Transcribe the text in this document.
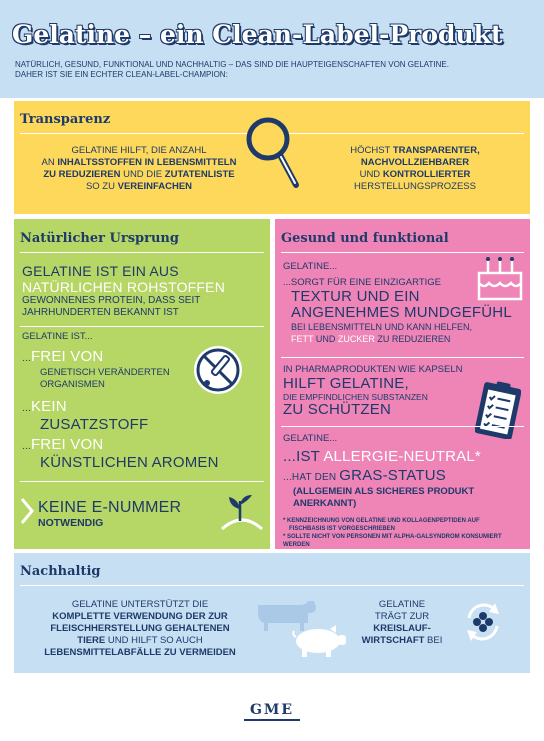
Gelatine – ein Clean-Label-Produkt
NATÜRLICH, GESUND, FUNKTIONAL UND NACHHALTIG – DAS SIND DIE HAUPTEIGENSCHAFTEN VON GELATINE.
DAHER IST SIE EIN ECHTER CLEAN-LABEL-CHAMPION:
Transparenz
GELATINE HILFT, DIE ANZAHL
AN INHALTSSTOFFEN IN LEBENSMITTELN
ZU REDUZIEREN UND DIE ZUTATENLISTE
SO ZU VEREINFACHEN
HÖCHST TRANSPARENTER,
NACHVOLLZIEHBARER
UND KONTROLLIERTER
HERSTELLUNGSPROZESS
Natürlicher Ursprung
GELATINE IST EIN AUS
NATÜRLICHEN ROHSTOFFEN
GEWONNENES PROTEIN, DASS SEIT
JAHRHUNDERTEN BEKANNT IST
GELATINE IST...
...FREI VON
GENETISCH VERÄNDERTEN
ORGANISMEN
...KEIN
ZUSATZSTOFF
...FREI VON
KÜNSTLICHEN AROMEN
KEINE E-NUMMER
NOTWENDIG
Gesund und funktional
GELATINE...
...SORGT FÜR EINE EINZIGARTIGE
TEXTUR UND EIN
ANGENEHMES MUNDGEFÜHL
BEI LEBENSMITTELN UND KANN HELFEN,
FETT UND ZUCKER ZU REDUZIEREN
IN PHARMAPRODUKTEN WIE KAPSELN
HILFT GELATINE,
DIE EMPFINDLICHEN SUBSTANZEN
ZU SCHÜTZEN
GELATINE...
...IST ALLERGIE-NEUTRAL*
...HAT DEN GRAS-STATUS
(ALLGEMEIN ALS SICHERES PRODUKT
ANERKANNT)
* KENNZEICHNUNG VON GELATINE UND KOLLAGENPEPTIDEN AUF
FISCHBASIS IST VORGESCHRIEBEN
* SOLLTE NICHT VON PERSONEN MIT ALPHA-GALSYNDROM KONSUMIERT WERDEN
Nachhaltig
GELATINE UNTERSTÜTZT DIE
KOMPLETTE VERWENDUNG DER ZUR
FLEISCHHERSTELLUNG GEHALTENEN
TIERE UND HILFT SO AUCH
LEBENSMITTELABFÄLLE ZU VERMEIDEN
GELATINE
TRÄGT ZUR
KREISLAUF-
WIRTSCHAFT BEI
GME
